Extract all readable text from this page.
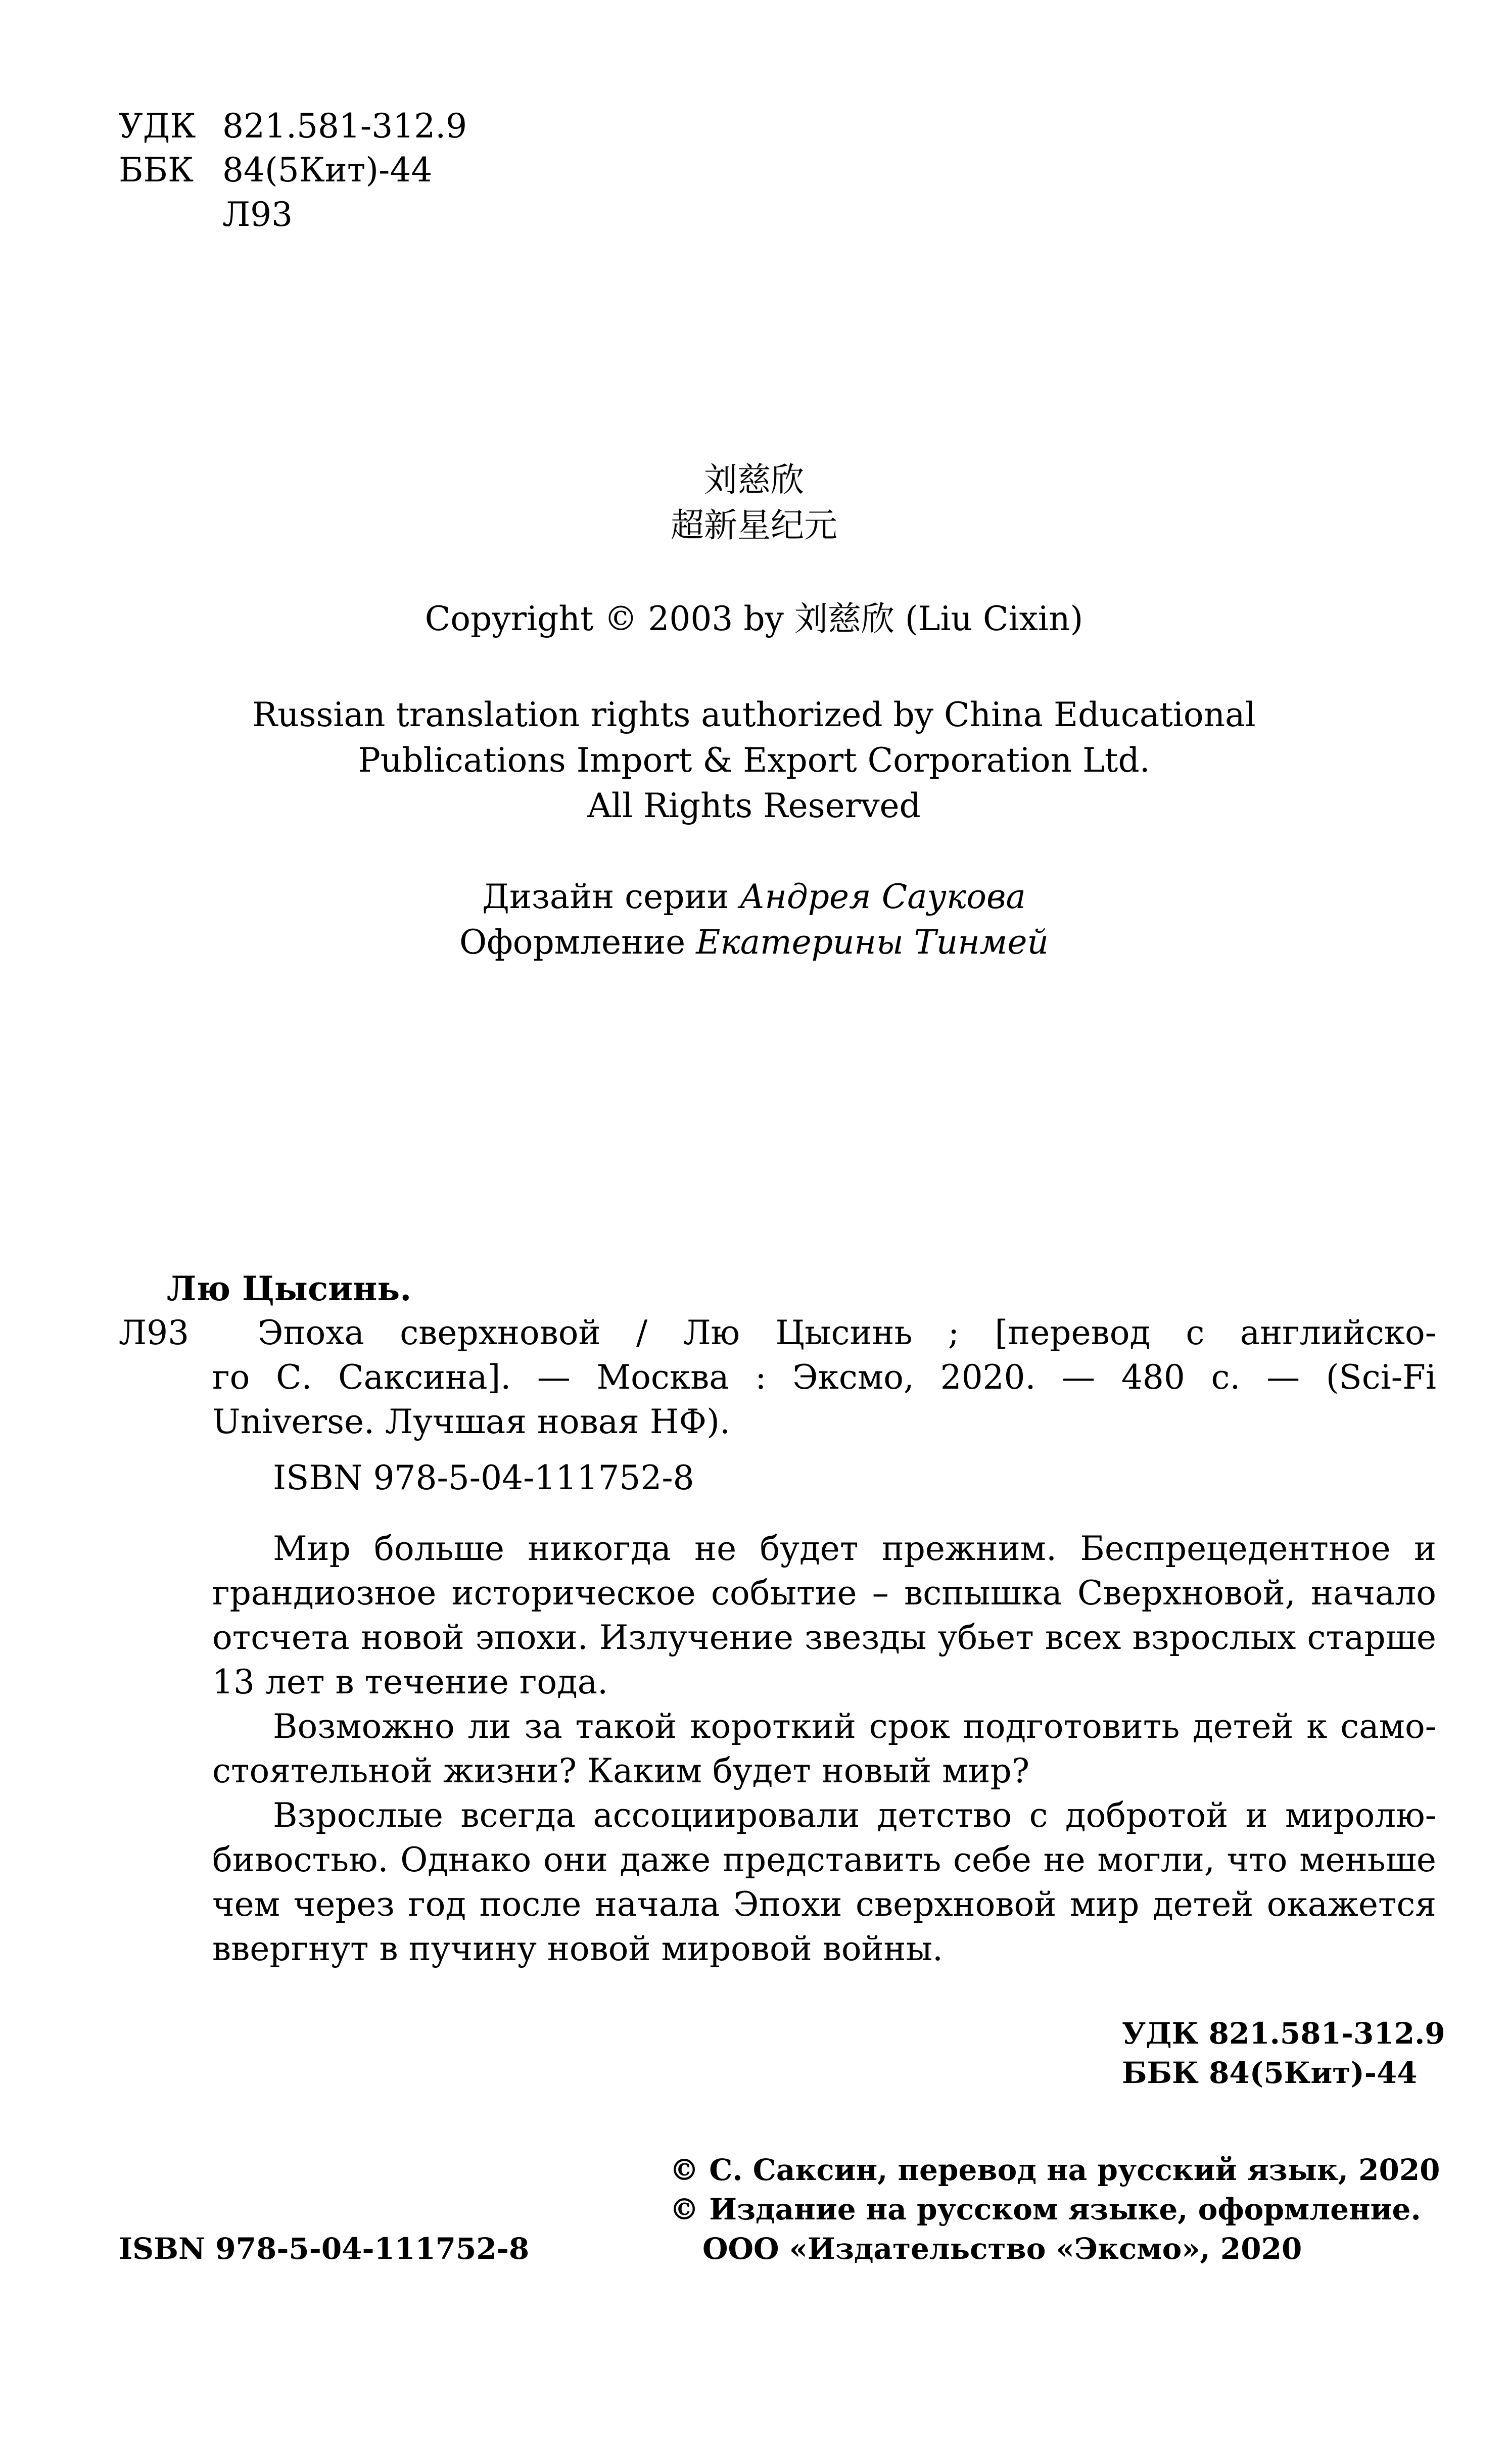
УДК 821.581-312.9
ББК 84(5Кит)-44
Л93
刘慈欣
超新星纪元
Copyright © 2003 by 刘慈欣 (Liu Cixin)
Russian translation rights authorized by China Educational
Publications Import & Export Corporation Ltd.
All Rights Reserved
Дизайн серии Андрея Саукова
Оформление Екатерины Тинмей
Лю Цысинь.
Л93 Эпоха сверхновой / Лю Цысинь ; [перевод с английско-
го С. Саксина]. — Москва : Эксмо, 2020. — 480 с. — (Sci-Fi
Universe. Лучшая новая НФ).
ISBN 978-5-04-111752-8
Мир больше никогда не будет прежним. Беспрецедентное и
грандиозное историческое событие – вспышка Сверхновой, начало
отсчета новой эпохи. Излучение звезды убьет всех взрослых старше
13 лет в течение года.
Возможно ли за такой короткий срок подготовить детей к само-
стоятельной жизни? Каким будет новый мир?
Взрослые всегда ассоциировали детство с добротой и миролю-
бивостью. Однако они даже представить себе не могли, что меньше
чем через год после начала Эпохи сверхновой мир детей окажется
ввергнут в пучину новой мировой войны.
УДК 821.581-312.9
ББК 84(5Кит)-44
© С. Саксин, перевод на русский язык, 2020
© Издание на русском языке, оформление.
ООО «Издательство «Эксмо», 2020
ISBN 978-5-04-111752-8
